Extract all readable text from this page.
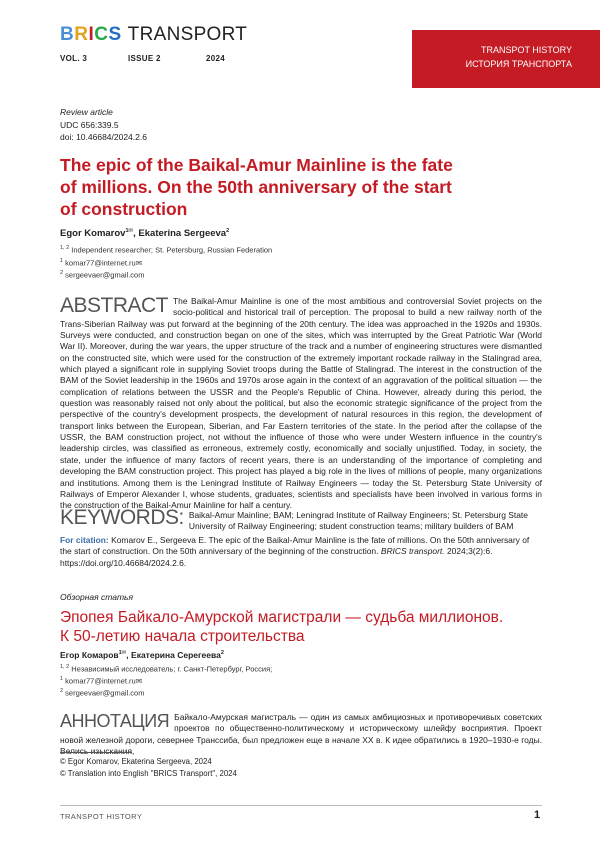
BRICS TRANSPORT
VOL. 3	ISSUE 2	2024
TRANSPOT HISTORY
ИСТОРИЯ ТРАНСПОРТА
Review article
UDC 656:339.5
doi: 10.46684/2024.2.6
The epic of the Baikal-Amur Mainline is the fate
of millions. On the 50th anniversary of the start
of construction
Egor Komarov$^{1✉}$, Ekaterina Sergeeva$^2$
$^{1, 2}$ Independent researcher; St. Petersburg, Russian Federation
$^1$ komar77@internet.ru✉
$^2$ sergeevaer@gmail.com

ABSTRACT The Baikal-Amur Mainline is one of the most ambitious and controversial Soviet projects on the socio-political and historical trail of perception. The proposal to build a new railway north of the Trans-Siberian Railway was put forward at the beginning of the 20th century. The idea was approached in the 1920s and 1930s. Surveys were conducted, and construction began on one of the sites, which was interrupted by the Great Patriotic War (World War II). Moreover, during the war years, the upper structure of the track and a number of engineering structures were dismantled on the constructed site, which were used for the construction of the extremely important rockade railway in the Stalingrad area, which played a significant role in supplying Soviet troops during the Battle of Stalingrad. The interest in the construction of the BAM of the Soviet leadership in the 1960s and 1970s arose again in the context of an aggravation of the political situation — the complication of relations between the USSR and the People's Republic of China. However, already during this period, the question was reasonably raised not only about the political, but also the economic strategic significance of the project from the perspective of the country's development prospects, the development of natural resources in this region, the development of transport links between the European, Siberian, and Far Eastern territories of the state. In the period after the collapse of the USSR, the BAM construction project, not without the influence of those who were under Western influence in the country's leadership circles, was classified as erroneous, extremely costly, economically and socially unjustified. Today, in society, the state, under the influence of many factors of recent years, there is an understanding of the importance of completing and developing the BAM construction project. This project has played a big role in the lives of millions of people, many organizations and institutions. Among them is the Leningrad Institute of Railway Engineers — today the St. Petersburg State University of Railways of Emperor Alexander I, whose students, graduates, scientists and specialists have been involved in various forms in the construction of the Baikal-Amur Mainline for half a century.

KEYWORDS: Baikal-Amur Mainline; BAM; Leningrad Institute of Railway Engineers; St. Petersburg State University of Railway Engineering; student construction teams; military builders of BAM
For citation: Komarov E., Sergeeva E. The epic of the Baikal-Amur Mainline is the fate of millions. On the 50th anniversary of the start of construction. On the 50th anniversary of the beginning of the construction. BRICS transport. 2024;3(2):6. https://doi.org/10.46684/2024.2.6.
Обзорная статья
Эпопея Байкало-Амурской магистрали — судьба миллионов.
К 50-летию начала строительства
Егор Комаров$^{1✉}$, Екатерина Серегеева$^2$
$^{1, 2}$ Независимый исследователь; г. Санкт-Петербург, Россия;
$^1$ komar77@internet.ru✉
$^2$ sergeevaer@gmail.com

АННОТАЦИЯ Байкало-Амурская магистраль — один из самых амбициозных и противоречивых советских проектов по общественно-политическому и историческому шлейфу восприятия. Проект новой железной дороги, севернее Транссиба, был предложен еще в начале XX в. К идее обратились в 1920–1930-е годы. Велись изыскания,

© Egor Komarov, Ekaterina Sergeeva, 2024
© Translation into English "BRICS Transport", 2024
TRANSPOT HISTORY	1
